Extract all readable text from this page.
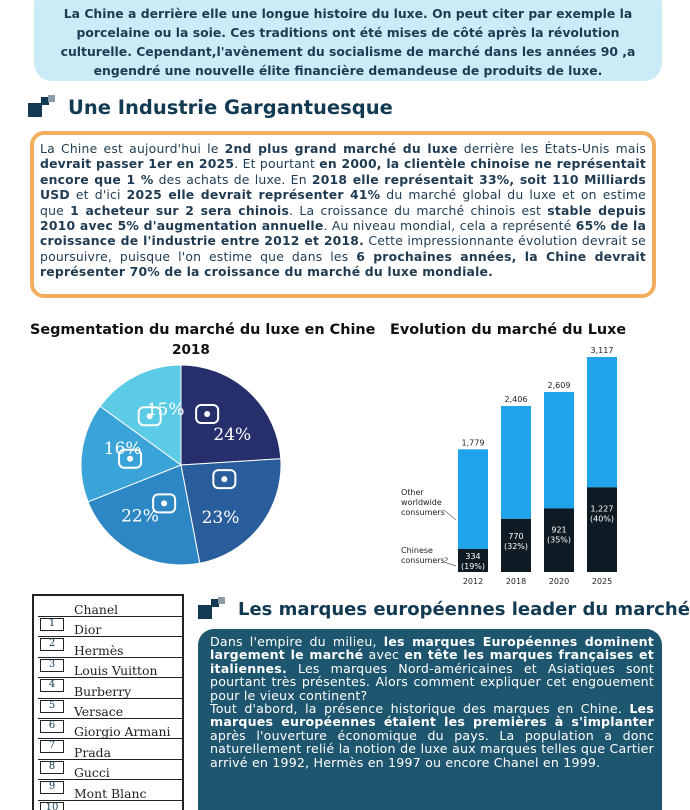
La Chine a derrière elle une longue histoire du luxe. On peut citer par exemple la porcelaine ou la soie. Ces traditions ont été mises de côté après la révolution culturelle. Cependant,l'avènement du socialisme de marché dans les années 90 ,a engendré une nouvelle élite financière demandeuse de produits de luxe.

Une Industrie Gargantuesque

La Chine est aujourd'hui le 2nd plus grand marché du luxe derrière les États-Unis mais devrait passer 1er en 2025. Et pourtant en 2000, la clientèle chinoise ne représentait encore que 1 % des achats de luxe. En 2018 elle représentait 33%, soit 110 Milliards USD et d'ici 2025 elle devrait représenter 41% du marché global du luxe et on estime que 1 acheteur sur 2 sera chinois. La croissance du marché chinois est stable depuis 2010 avec 5% d'augmentation annuelle. Au niveau mondial, cela a représenté 65% de la croissance de l'industrie entre 2012 et 2018. Cette impressionnante évolution devrait se poursuivre, puisque l'on estime que dans les 6 prochaines années, la Chine devrait représenter 70% de la croissance du marché du luxe mondiale.

Segmentation du marché du luxe en Chine
2018
Evolution du marché du Luxe
24%
23%
22%
16%
15%
1,779
334
(19%)
2012
2,406
770
(32%)
2018
2,609
921
(35%)
2020
3,117
1,227
(40%)
2025
Other
worldwide
consumers
Chinese
consumers³
1
Chanel
2
Dior
3
Hermès
4
Louis Vuitton
5
Burberry
6
Versace
7
Giorgio Armani
8
Prada
9
Gucci
10
Mont Blanc
Les marques européennes leader du marché

Dans l'empire du milieu, les marques Européennes dominent largement le marché avec en tête les marques françaises et italiennes. Les marques Nord-américaines et Asiatiques sont pourtant très présentes. Alors comment expliquer cet engouement pour le vieux continent?
Tout d'abord, la présence historique des marques en Chine. Les marques européennes étaient les premières à s'implanter après l'ouverture économique du pays. La population a donc naturellement relié la notion de luxe aux marques telles que Cartier arrivé en 1992, Hermès en 1997 ou encore Chanel en 1999.
